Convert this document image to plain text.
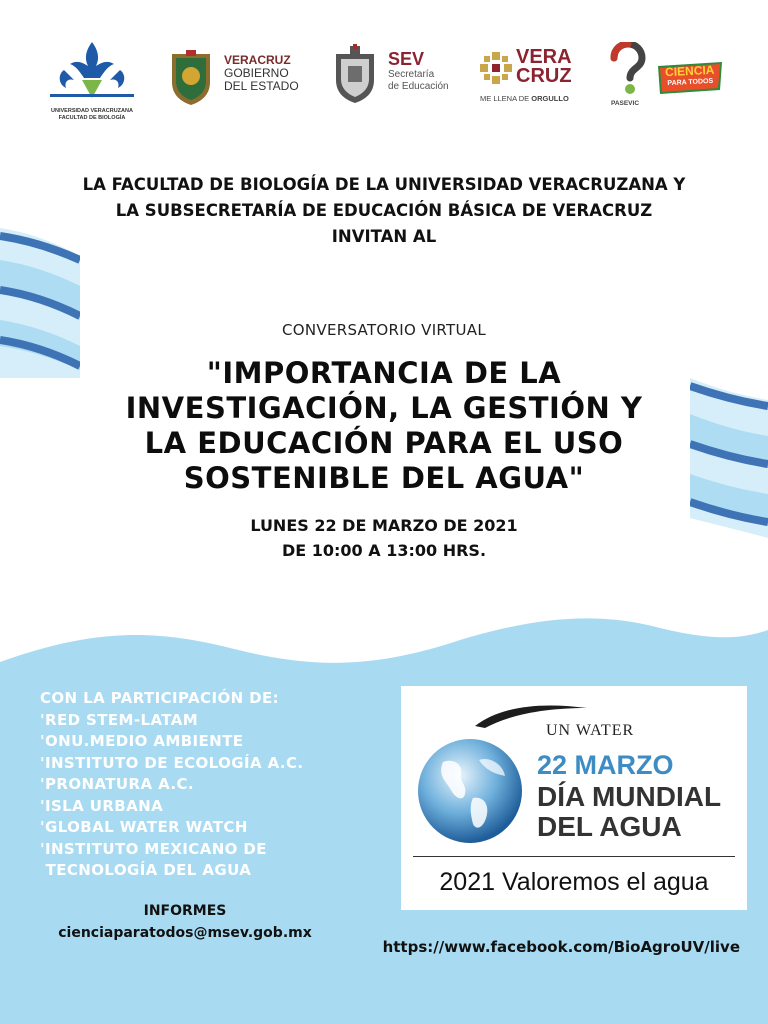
UNIVERSIDAD VERACRUZANA
FACULTAD DE BIOLOGÍA
VERACRUZ
GOBIERNO
DEL ESTADO
SEV
Secretaría
de Educación
VERA
CRUZ
ME LLENA DE ORGULLO
PASEVIC
CIENCIA
PARA TODOS
LA FACULTAD DE BIOLOGÍA DE LA UNIVERSIDAD VERACRUZANA Y
LA SUBSECRETARÍA DE EDUCACIÓN BÁSICA DE VERACRUZ
INVITAN AL
CONVERSATORIO VIRTUAL
"IMPORTANCIA DE LA
INVESTIGACIÓN, LA GESTIÓN Y
LA EDUCACIÓN PARA EL USO
SOSTENIBLE DEL AGUA"
LUNES 22 DE MARZO DE 2021
DE 10:00 A 13:00 HRS.
CON LA PARTICIPACIÓN DE:
'RED STEM-LATAM
'ONU.MEDIO AMBIENTE
'INSTITUTO DE ECOLOGÍA A.C.
'PRONATURA A.C.
'ISLA URBANA
'GLOBAL WATER WATCH
'INSTITUTO MEXICANO DE
TECNOLOGÍA DEL AGUA
INFORMES
cienciaparatodos@msev.gob.mx
UN WATER
22 MARZO
DÍA MUNDIAL
DEL AGUA
2021 Valoremos el agua
https://www.facebook.com/BioAgroUV/live
